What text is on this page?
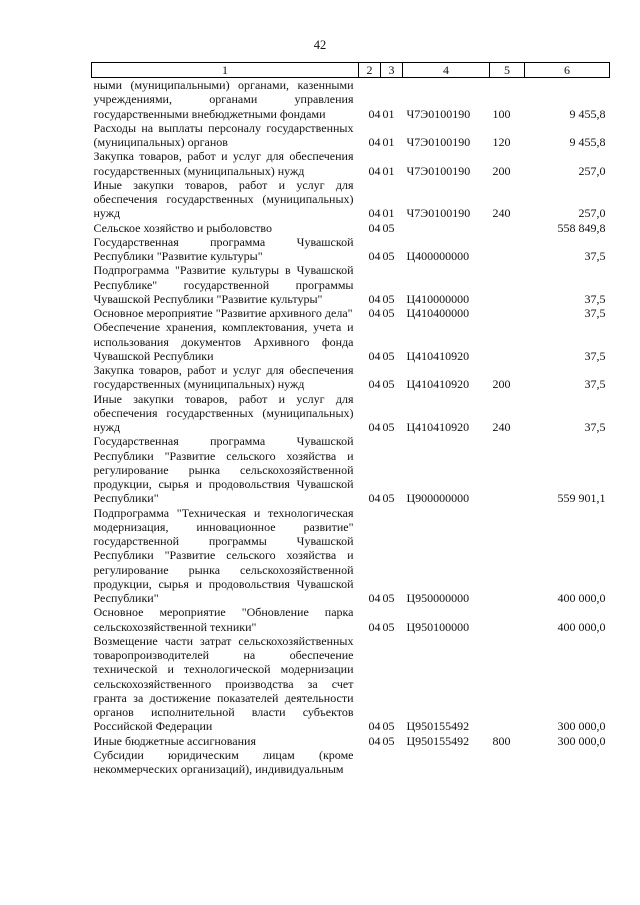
42
1	2	3	4	5	6
ными (муниципальными) органами, казенными учреждениями, органами управления государственными внебюджетными фондами	04	01	Ч7Э0100190	100	9 455,8
Расходы на выплаты персоналу государственных (муниципальных) органов	04	01	Ч7Э0100190	120	9 455,8
Закупка товаров, работ и услуг для обеспечения государственных (муниципальных) нужд	04	01	Ч7Э0100190	200	257,0
Иные закупки товаров, работ и услуг для обеспечения государственных (муниципальных) нужд	04	01	Ч7Э0100190	240	257,0
Сельское хозяйство и рыболовство	04	05			558 849,8
Государственная программа Чувашской Республики "Развитие культуры"	04	05	Ц400000000		37,5
Подпрограмма "Развитие культуры в Чувашской Республике" государственной программы Чувашской Республики "Развитие культуры"	04	05	Ц410000000		37,5
Основное мероприятие "Развитие архивного дела"	04	05	Ц410400000		37,5
Обеспечение хранения, комплектования, учета и использования документов Архивного фонда Чувашской Республики	04	05	Ц410410920		37,5
Закупка товаров, работ и услуг для обеспечения государственных (муниципальных) нужд	04	05	Ц410410920	200	37,5
Иные закупки товаров, работ и услуг для обеспечения государственных (муниципальных) нужд	04	05	Ц410410920	240	37,5
Государственная программа Чувашской Республики "Развитие сельского хозяйства и регулирование рынка сельскохозяйственной продукции, сырья и продовольствия Чувашской Республики"	04	05	Ц900000000		559 901,1
Подпрограмма "Техническая и технологическая модернизация, инновационное развитие" государственной программы Чувашской Республики "Развитие сельского хозяйства и регулирование рынка сельскохозяйственной продукции, сырья и продовольствия Чувашской Республики"	04	05	Ц950000000		400 000,0
Основное мероприятие "Обновление парка сельскохозяйственной техники"	04	05	Ц950100000		400 000,0
Возмещение части затрат сельскохозяйственных товаропроизводителей на обеспечение технической и технологической модернизации сельскохозяйственного производства за счет гранта за достижение показателей деятельности органов исполнительной власти субъектов Российской Федерации	04	05	Ц950155492		300 000,0
Иные бюджетные ассигнования	04	05	Ц950155492	800	300 000,0
Субсидии юридическим лицам (кроме некоммерческих организаций), индивидуальным					
